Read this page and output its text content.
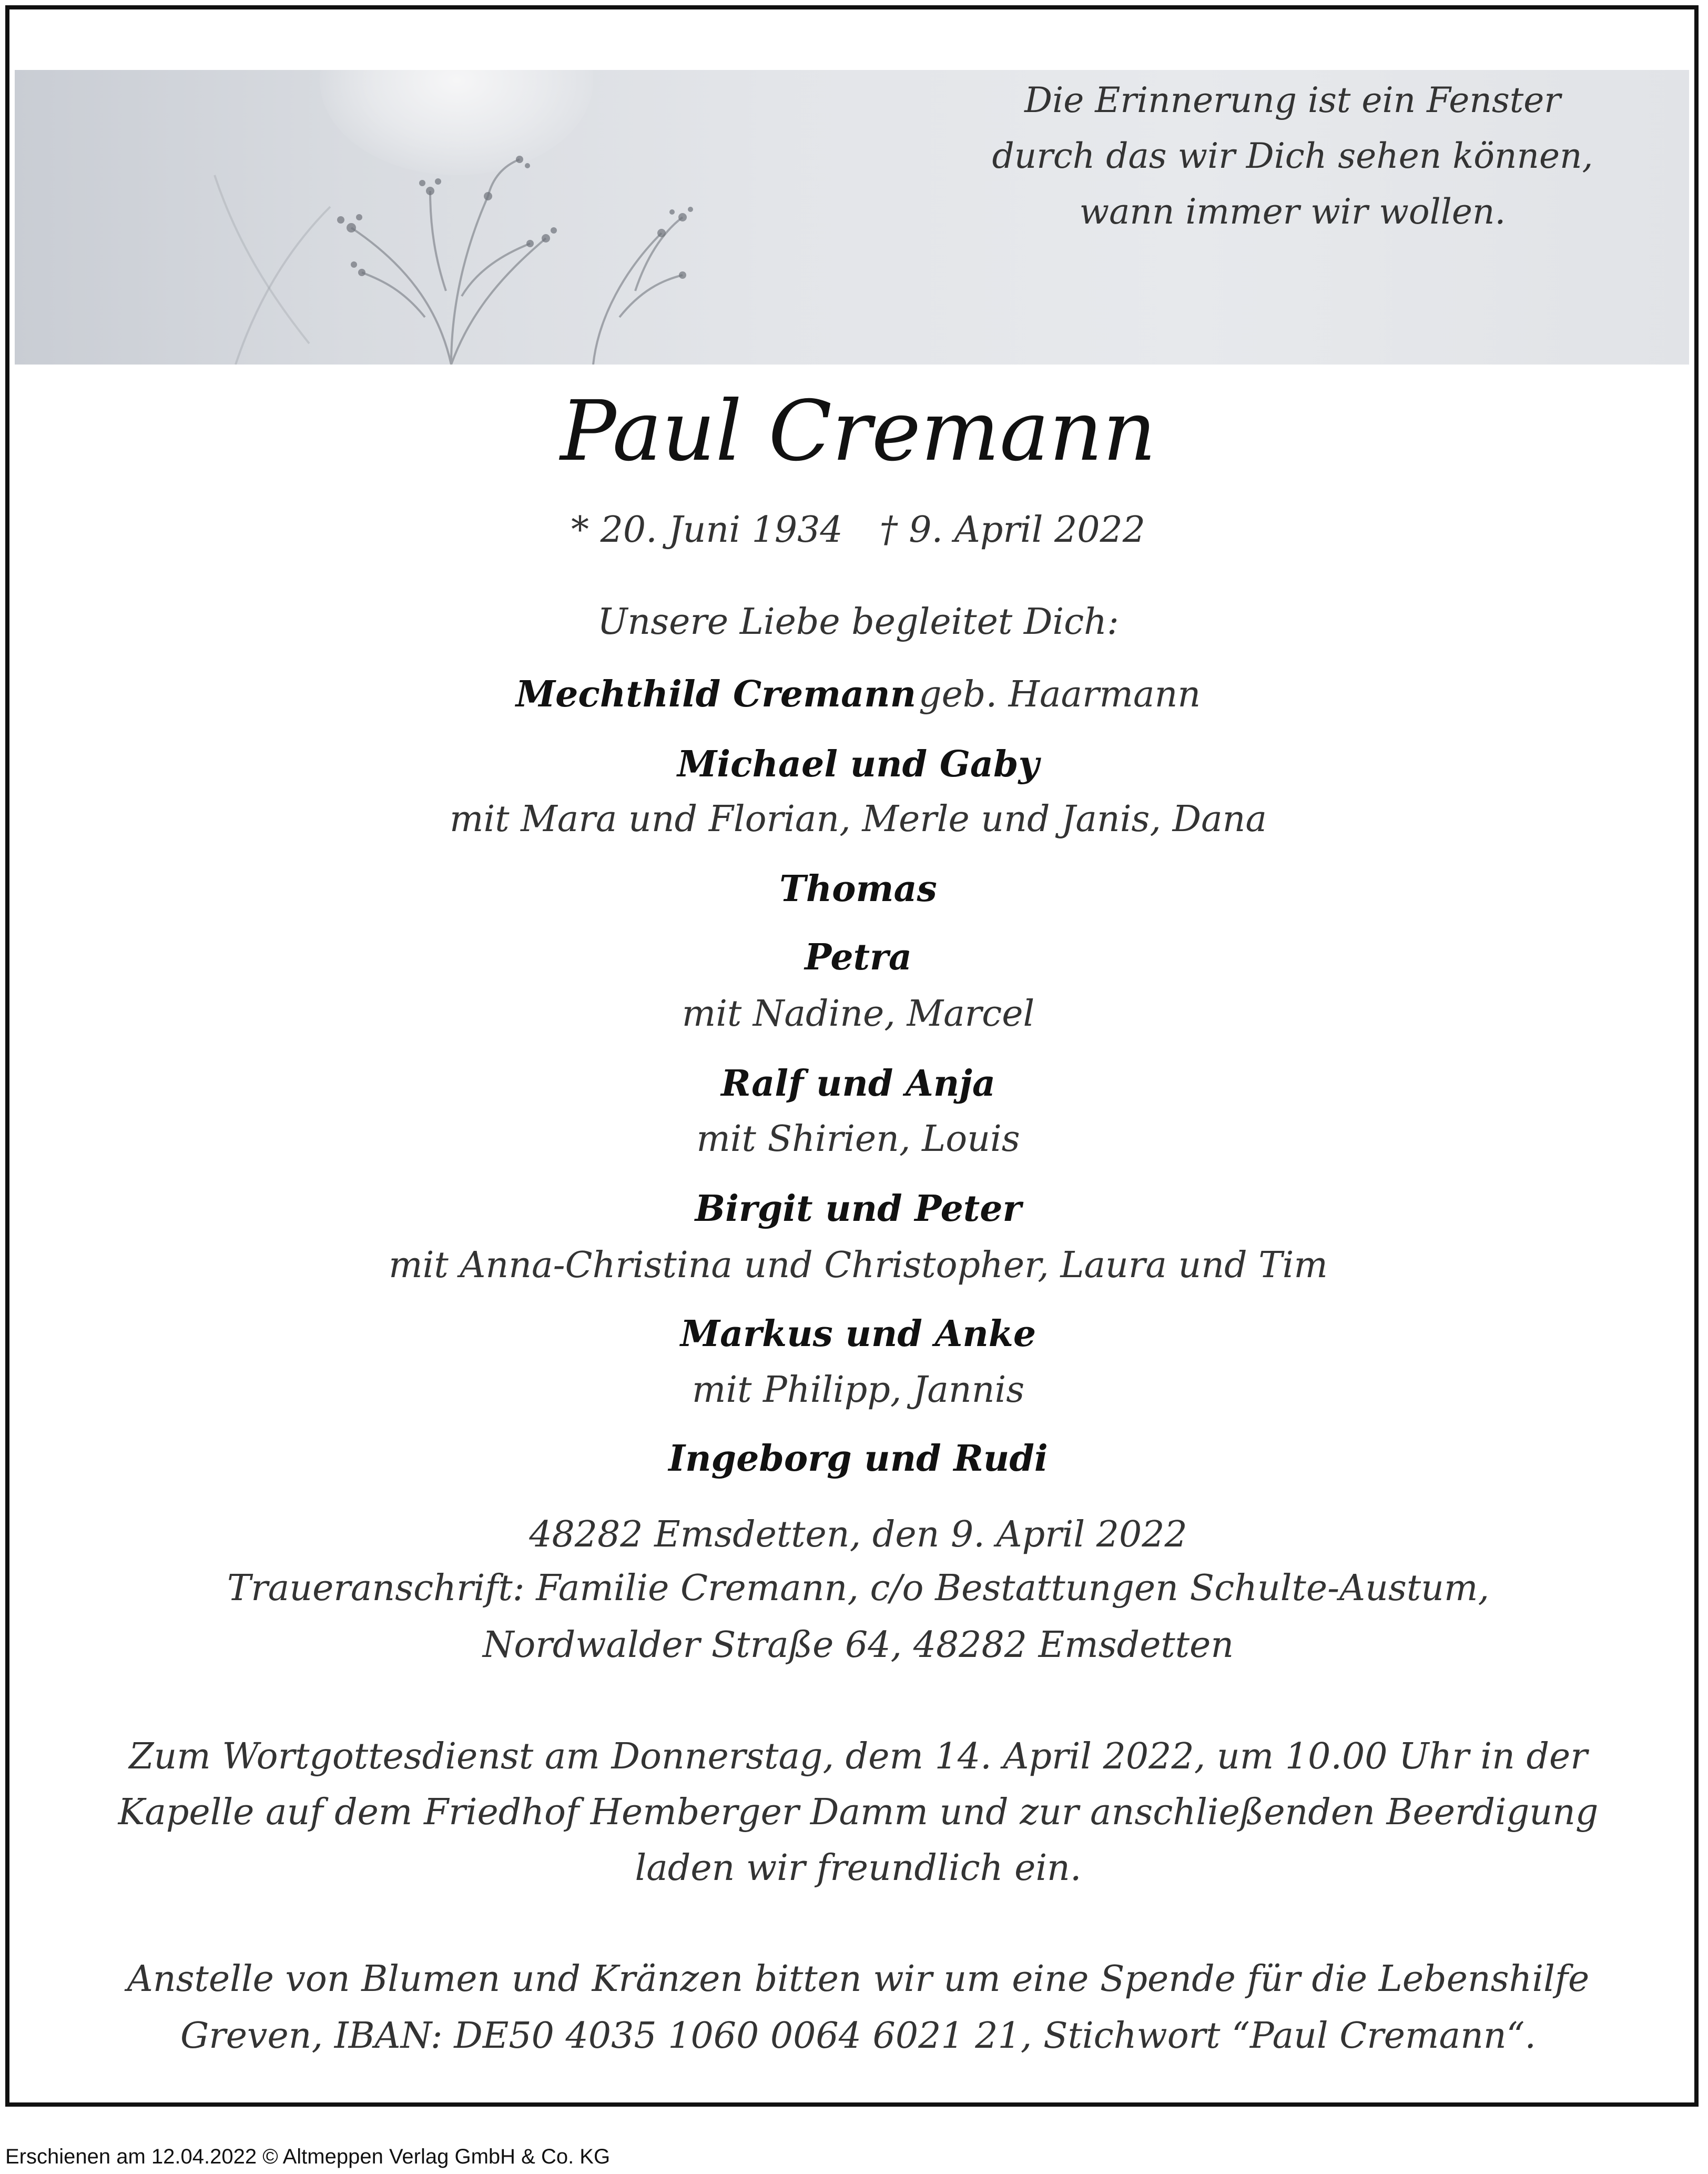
Die Erinnerung ist ein Fenster
durch das wir Dich sehen können,
wann immer wir wollen.
Paul Cremann
* 20. Juni 1934 † 9. April 2022
Unsere Liebe begleitet Dich:
Mechthild Cremann geb. Haarmann
Michael und Gaby
mit Mara und Florian, Merle und Janis, Dana
Thomas
Petra
mit Nadine, Marcel
Ralf und Anja
mit Shirien, Louis
Birgit und Peter
mit Anna-Christina und Christopher, Laura und Tim
Markus und Anke
mit Philipp, Jannis
Ingeborg und Rudi
48282 Emsdetten, den 9. April 2022
Traueranschrift: Familie Cremann, c/o Bestattungen Schulte-Austum,
Nordwalder Straße 64, 48282 Emsdetten
Zum Wortgottesdienst am Donnerstag, dem 14. April 2022, um 10.00 Uhr in der
Kapelle auf dem Friedhof Hemberger Damm und zur anschließenden Beerdigung
laden wir freundlich ein.
Anstelle von Blumen und Kränzen bitten wir um eine Spende für die Lebenshilfe
Greven, IBAN: DE50 4035 1060 0064 6021 21, Stichwort “Paul Cremann“.
Erschienen am 12.04.2022 © Altmeppen Verlag GmbH & Co. KG
